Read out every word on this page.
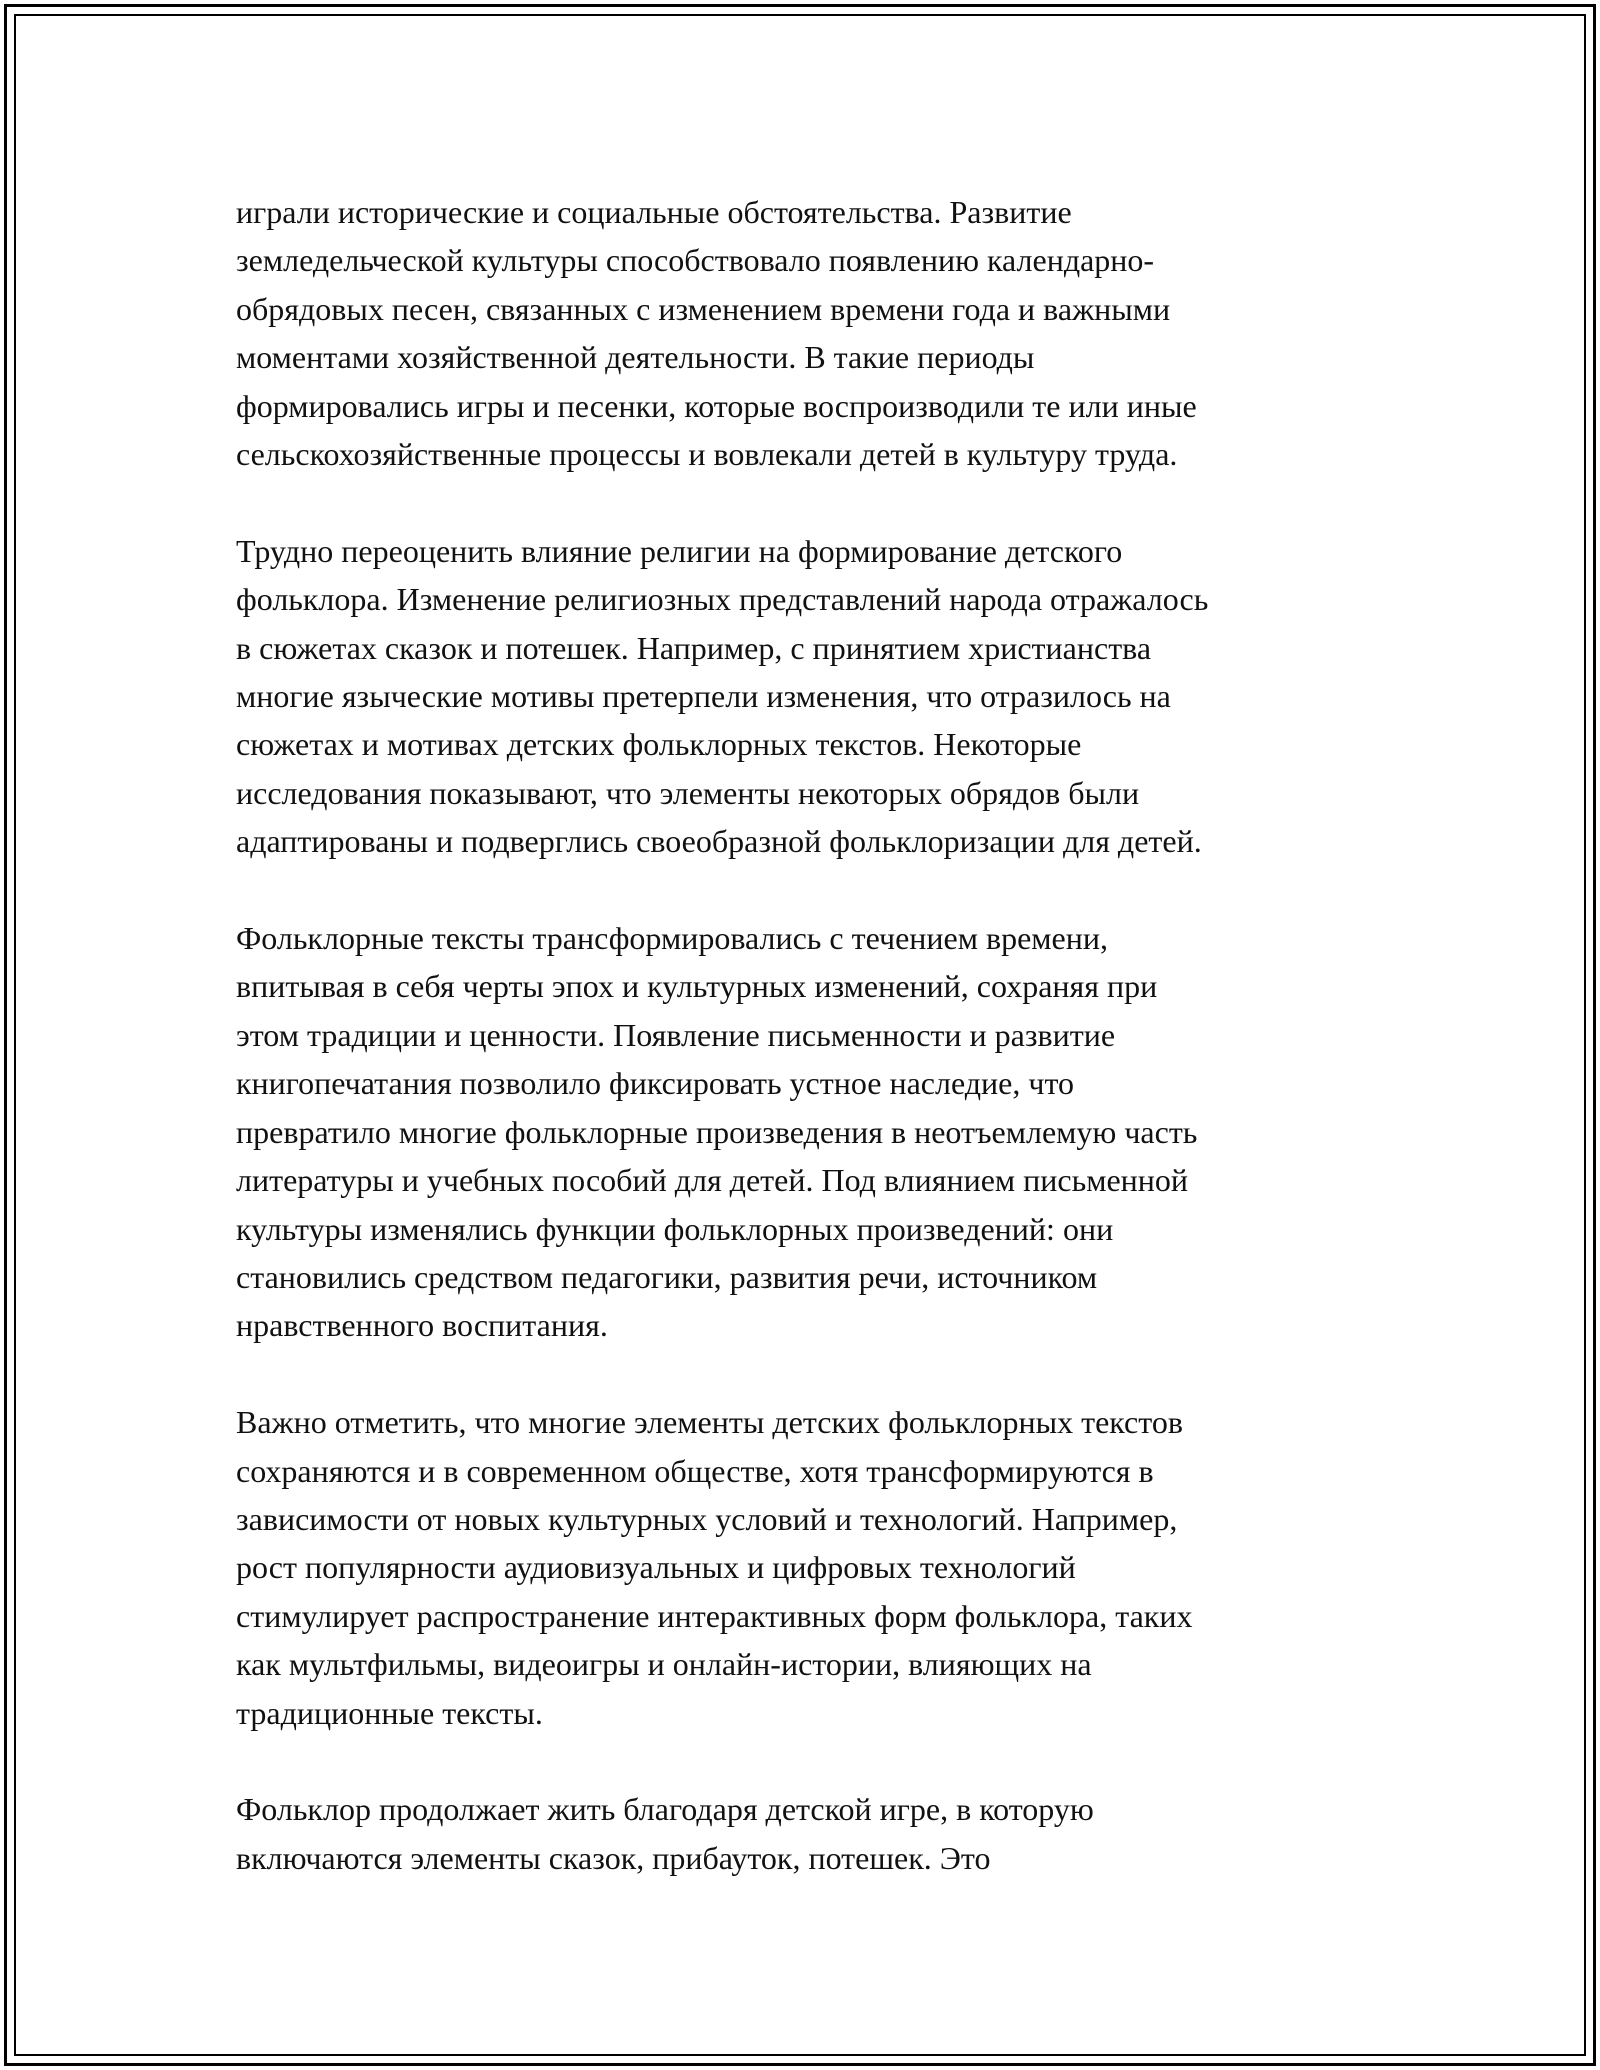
играли исторические и социальные обстоятельства. Развитие
земледельческой культуры способствовало появлению календарно-
обрядовых песен, связанных с изменением времени года и важными
моментами хозяйственной деятельности. В такие периоды
формировались игры и песенки, которые воспроизводили те или иные
сельскохозяйственные процессы и вовлекали детей в культуру труда.

Трудно переоценить влияние религии на формирование детского
фольклора. Изменение религиозных представлений народа отражалось
в сюжетах сказок и потешек. Например, с принятием христианства
многие языческие мотивы претерпели изменения, что отразилось на
сюжетах и мотивах детских фольклорных текстов. Некоторые
исследования показывают, что элементы некоторых обрядов были
адаптированы и подверглись своеобразной фольклоризации для детей.

Фольклорные тексты трансформировались с течением времени,
впитывая в себя черты эпох и культурных изменений, сохраняя при
этом традиции и ценности. Появление письменности и развитие
книгопечатания позволило фиксировать устное наследие, что
превратило многие фольклорные произведения в неотъемлемую часть
литературы и учебных пособий для детей. Под влиянием письменной
культуры изменялись функции фольклорных произведений: они
становились средством педагогики, развития речи, источником
нравственного воспитания.

Важно отметить, что многие элементы детских фольклорных текстов
сохраняются и в современном обществе, хотя трансформируются в
зависимости от новых культурных условий и технологий. Например,
рост популярности аудиовизуальных и цифровых технологий
стимулирует распространение интерактивных форм фольклора, таких
как мультфильмы, видеоигры и онлайн-истории, влияющих на
традиционные тексты.

Фольклор продолжает жить благодаря детской игре, в которую
включаются элементы сказок, прибауток, потешек. Это
